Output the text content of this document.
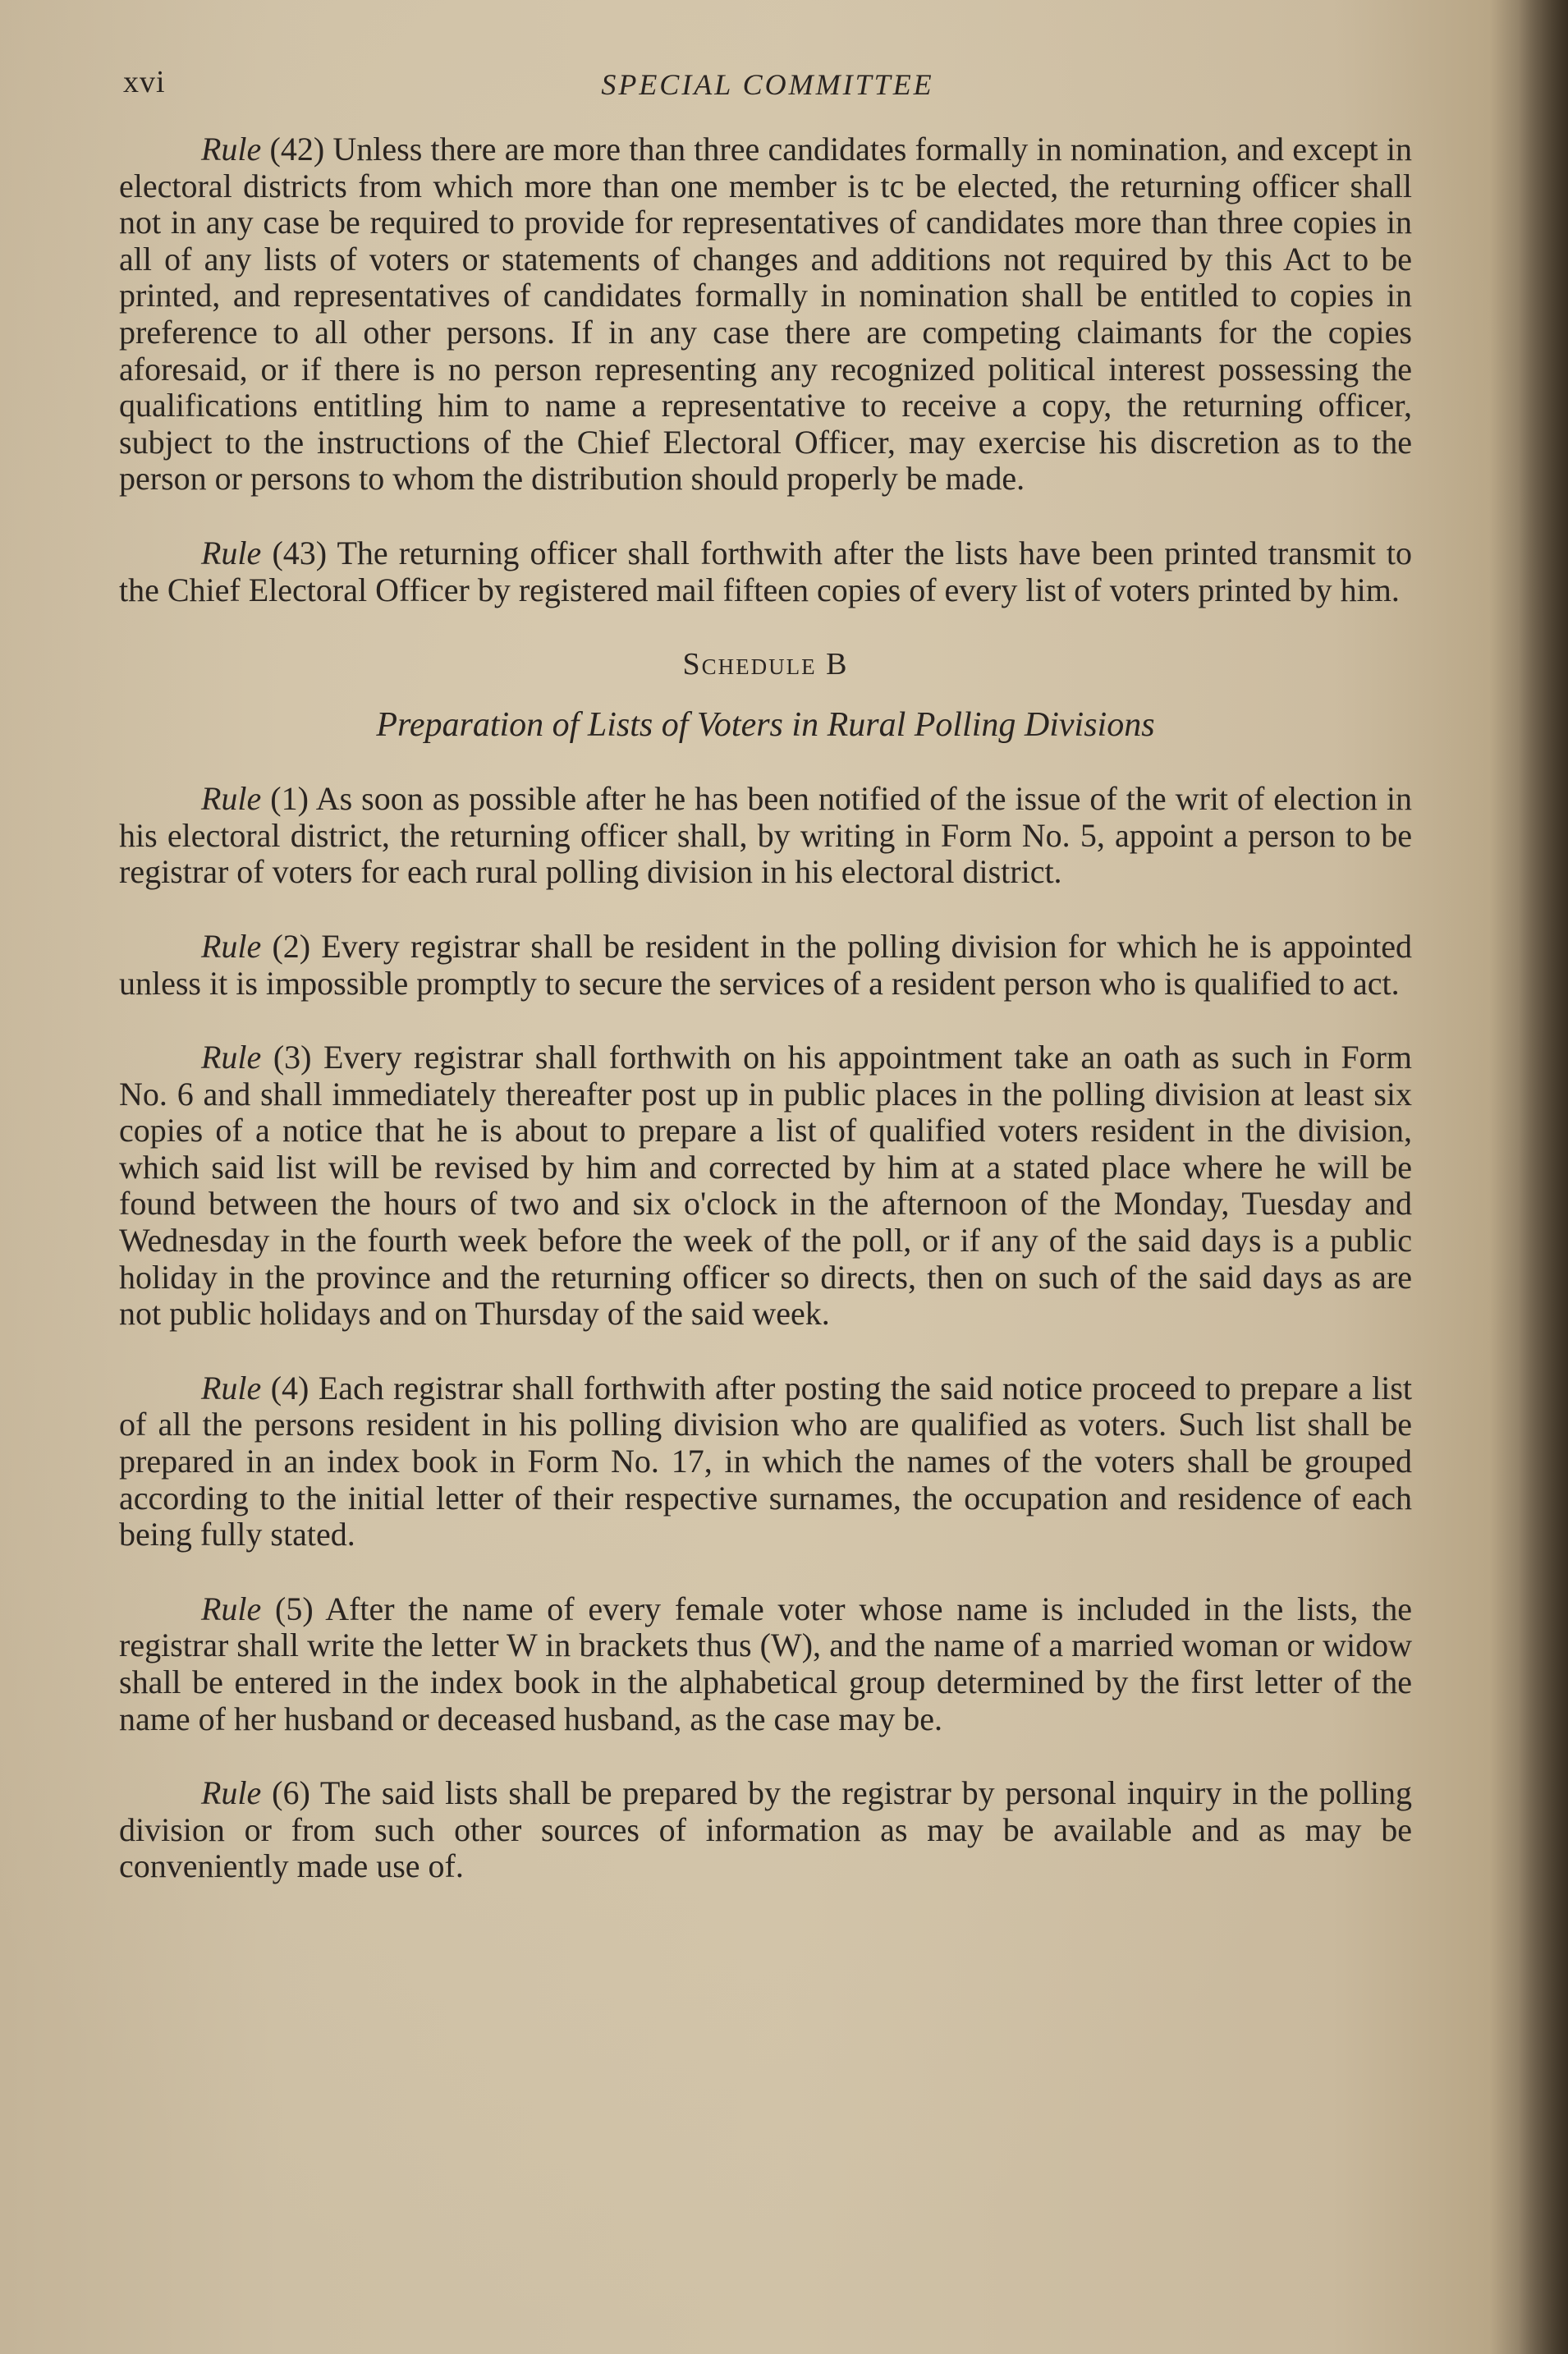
xvi	SPECIAL COMMITTEE

Rule (42) Unless there are more than three candidates formally in nomination, and except in electoral districts from which more than one member is tc be elected, the returning officer shall not in any case be required to provide for representatives of candidates more than three copies in all of any lists of voters or statements of changes and additions not required by this Act to be printed, and representatives of candidates formally in nomination shall be entitled to copies in preference to all other persons. If in any case there are competing claimants for the copies aforesaid, or if there is no person representing any recognized political interest possessing the qualifications entitling him to name a representative to receive a copy, the returning officer, subject to the instructions of the Chief Electoral Officer, may exercise his discretion as to the person or persons to whom the distribution should properly be made.

Rule (43) The returning officer shall forthwith after the lists have been printed transmit to the Chief Electoral Officer by registered mail fifteen copies of every list of voters printed by him.

Schedule B
Preparation of Lists of Voters in Rural Polling Divisions

Rule (1) As soon as possible after he has been notified of the issue of the writ of election in his electoral district, the returning officer shall, by writing in Form No. 5, appoint a person to be registrar of voters for each rural polling division in his electoral district.

Rule (2) Every registrar shall be resident in the polling division for which he is appointed unless it is impossible promptly to secure the services of a resident person who is qualified to act.

Rule (3) Every registrar shall forthwith on his appointment take an oath as such in Form No. 6 and shall immediately thereafter post up in public places in the polling division at least six copies of a notice that he is about to prepare a list of qualified voters resident in the division, which said list will be revised by him and corrected by him at a stated place where he will be found between the hours of two and six o'clock in the afternoon of the Monday, Tuesday and Wednesday in the fourth week before the week of the poll, or if any of the said days is a public holiday in the province and the returning officer so directs, then on such of the said days as are not public holidays and on Thursday of the said week.

Rule (4) Each registrar shall forthwith after posting the said notice proceed to prepare a list of all the persons resident in his polling division who are qualified as voters. Such list shall be prepared in an index book in Form No. 17, in which the names of the voters shall be grouped according to the initial letter of their respective surnames, the occupation and residence of each being fully stated.

Rule (5) After the name of every female voter whose name is included in the lists, the registrar shall write the letter W in brackets thus (W), and the name of a married woman or widow shall be entered in the index book in the alphabetical group determined by the first letter of the name of her husband or deceased husband, as the case may be.

Rule (6) The said lists shall be prepared by the registrar by personal inquiry in the polling division or from such other sources of information as may be available and as may be conveniently made use of.
